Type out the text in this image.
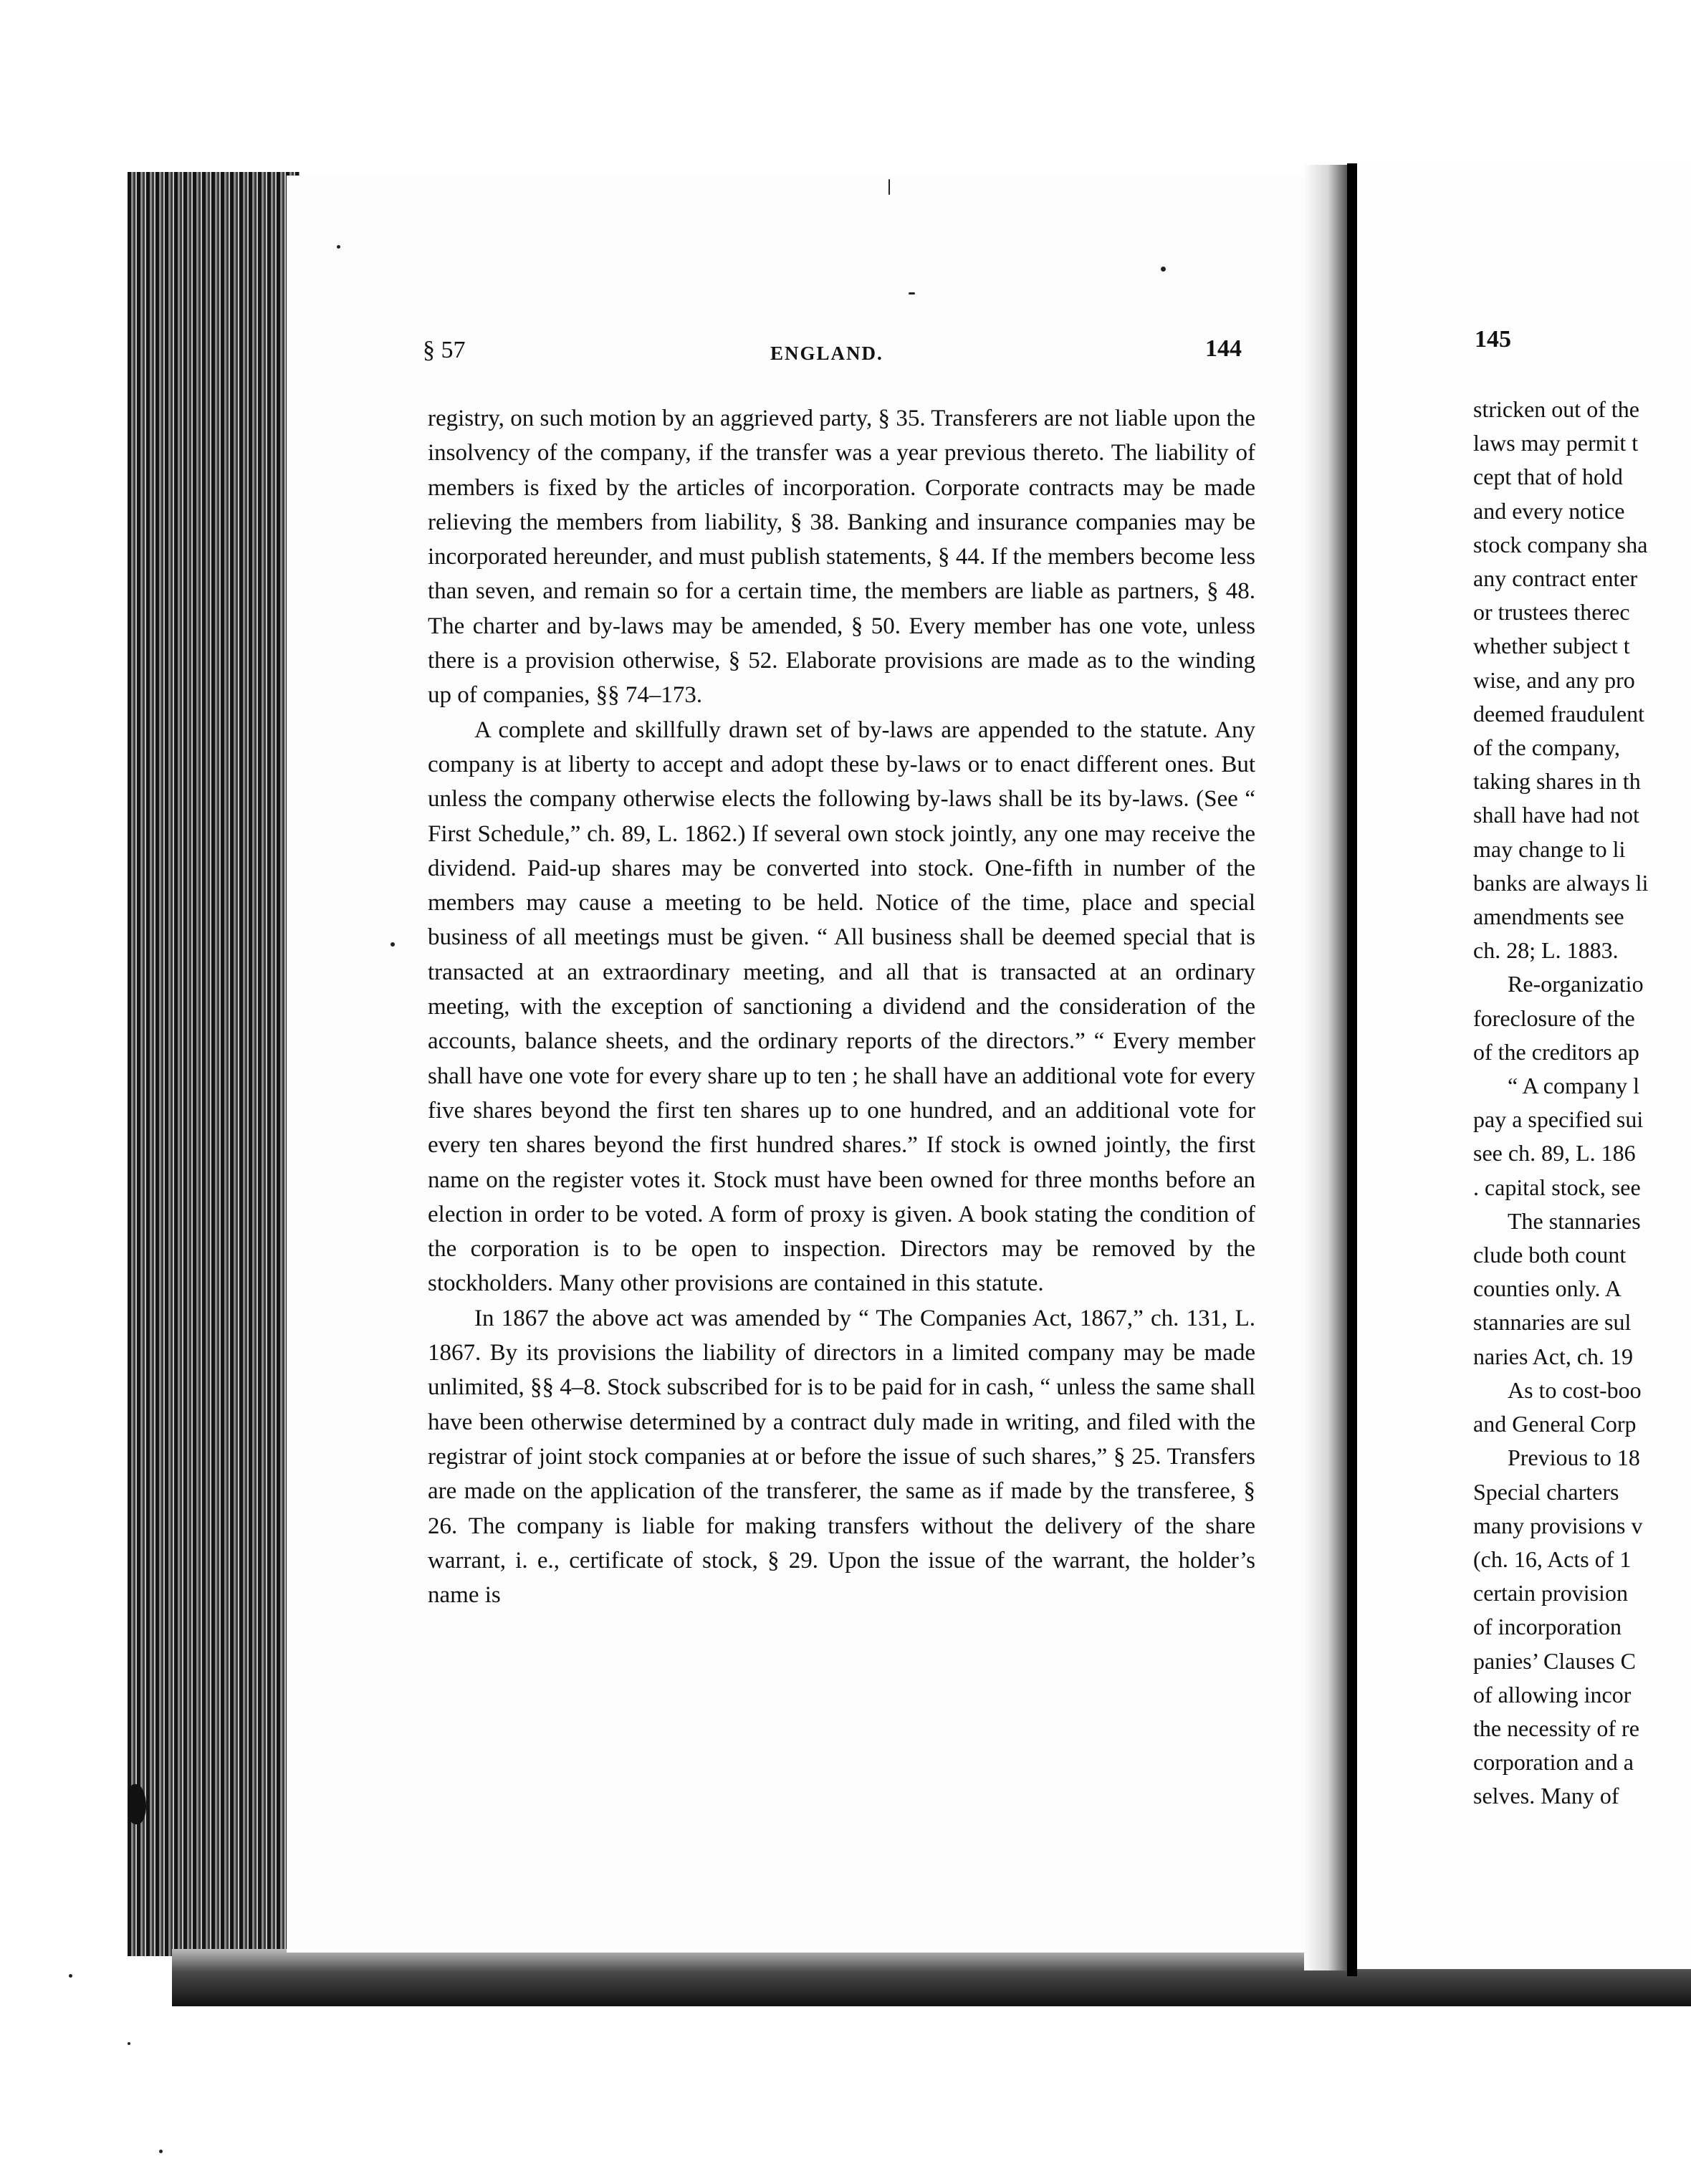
§ 57	ENGLAND.	144	145

registry, on such motion by an aggrieved party, § 35. Transferers are not liable upon the insolvency of the company, if the transfer was a year previous thereto. The liability of members is fixed by the articles of incorporation. Corporate contracts may be made relieving the members from liability, § 38. Banking and insurance companies may be incorporated hereunder, and must publish statements, § 44. If the members become less than seven, and remain so for a certain time, the members are liable as partners, § 48. The charter and by-laws may be amended, § 50. Every member has one vote, unless there is a provision otherwise, § 52. Elaborate provisions are made as to the winding up of companies, §§ 74–173.

A complete and skillfully drawn set of by-laws are appended to the statute. Any company is at liberty to accept and adopt these by-laws or to enact different ones. But unless the company otherwise elects the following by-laws shall be its by-laws. (See “ First Schedule,” ch. 89, L. 1862.) If several own stock jointly, any one may receive the dividend. Paid-up shares may be converted into stock. One-fifth in number of the members may cause a meeting to be held. Notice of the time, place and special business of all meetings must be given. “ All business shall be deemed special that is transacted at an extraordinary meeting, and all that is transacted at an ordinary meeting, with the exception of sanctioning a dividend and the consideration of the accounts, balance sheets, and the ordinary reports of the directors.” “ Every member shall have one vote for every share up to ten ; he shall have an additional vote for every five shares beyond the first ten shares up to one hundred, and an additional vote for every ten shares beyond the first hundred shares.” If stock is owned jointly, the first name on the register votes it. Stock must have been owned for three months before an election in order to be voted. A form of proxy is given. A book stating the condition of the corporation is to be open to inspection. Directors may be removed by the stockholders. Many other provisions are contained in this statute.

In 1867 the above act was amended by “ The Companies Act, 1867,” ch. 131, L. 1867. By its provisions the liability of directors in a limited company may be made unlimited, §§ 4–8. Stock subscribed for is to be paid for in cash, “ unless the same shall have been otherwise determined by a contract duly made in writing, and filed with the registrar of joint stock companies at or before the issue of such shares,” § 25. Transfers are made on the application of the transferer, the same as if made by the transferee, § 26. The company is liable for making transfers without the delivery of the share warrant, i. e., certificate of stock, § 29. Upon the issue of the warrant, the holder’s name is

stricken out of the
laws may permit t
cept that of hold
and every notice
stock company sha
any contract enter
or trustees therec
whether subject t
wise, and any pro
deemed fraudulent
of the company,
taking shares in th
shall have had not
may change to li
banks are always li
amendments see
ch. 28; L. 1883.
Re-organizatio
foreclosure of the
of the creditors ap
“ A company l
pay a specified sui
see ch. 89, L. 186
. capital stock, see
The stannaries
clude both count
counties only. A
stannaries are sul
naries Act, ch. 19
As to cost-boo
and General Corp
Previous to 18
Special charters
many provisions v
(ch. 16, Acts of 1
certain provision
of incorporation
panies’ Clauses C
of allowing incor
the necessity of re
corporation and a
selves. Many of
